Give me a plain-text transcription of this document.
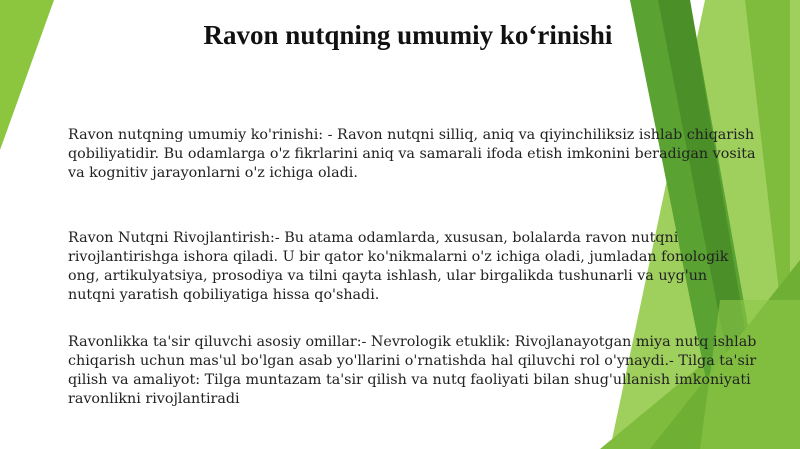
Ravon nutqning umumiy ko‘rinishi

Ravon nutqning umumiy ko'rinishi: - Ravon nutqni silliq, aniq va qiyinchiliksiz ishlab chiqarish qobiliyatidir. Bu odamlarga o'z fikrlarini aniq va samarali ifoda etish imkonini beradigan vosita va kognitiv jarayonlarni o'z ichiga oladi.

Ravon Nutqni Rivojlantirish:- Bu atama odamlarda, xususan, bolalarda ravon nutqni rivojlantirishga ishora qiladi. U bir qator ko'nikmalarni o'z ichiga oladi, jumladan fonologik ong, artikulyatsiya, prosodiya va tilni qayta ishlash, ular birgalikda tushunarli va uyg'un nutqni yaratish qobiliyatiga hissa qo'shadi.

Ravonlikka ta'sir qiluvchi asosiy omillar:- Nevrologik etuklik: Rivojlanayotgan miya nutq ishlab chiqarish uchun mas'ul bo'lgan asab yo'llarini o'rnatishda hal qiluvchi rol o'ynaydi.- Tilga ta'sir qilish va amaliyot: Tilga muntazam ta'sir qilish va nutq faoliyati bilan shug'ullanish imkoniyati ravonlikni rivojlantiradi
